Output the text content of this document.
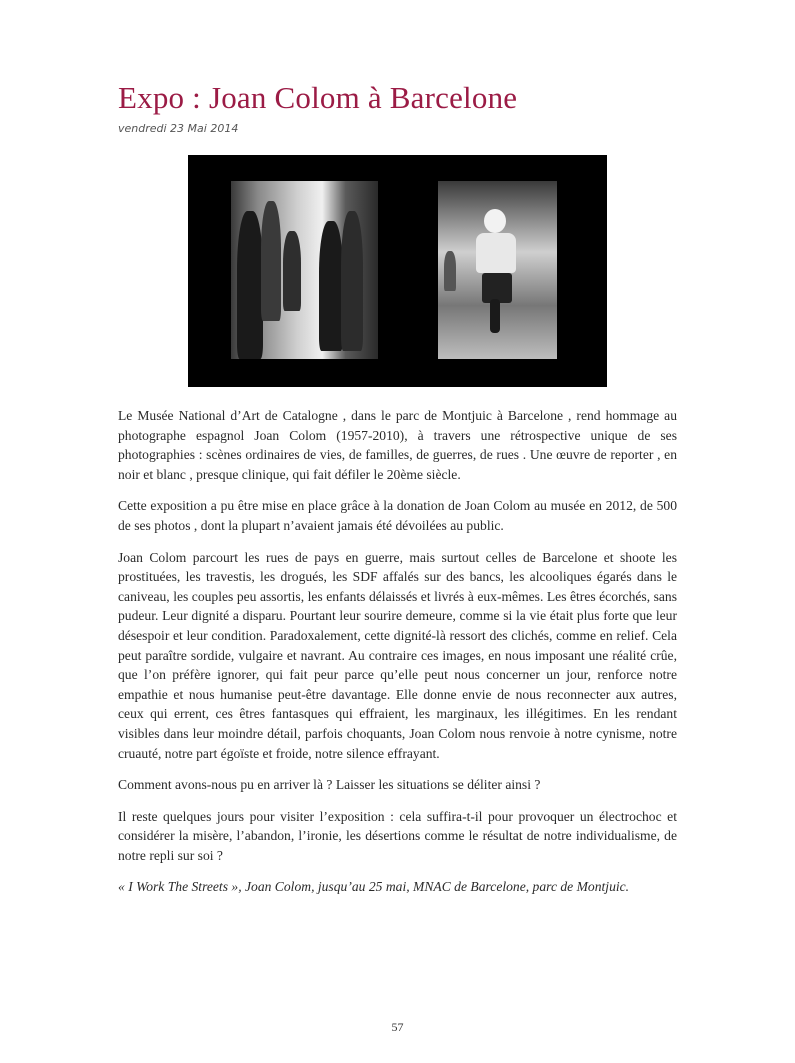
Expo : Joan Colom à Barcelone
vendredi 23 Mai 2014

Le Musée National d’Art de Catalogne , dans le parc de Montjuic à Barcelone , rend hommage au photographe espagnol Joan Colom (1957-2010), à travers une rétrospective unique de ses photographies : scènes ordinaires de vies, de familles, de guerres, de rues . Une œuvre de reporter , en noir et blanc , presque clinique, qui fait défiler le 20ème siècle.

Cette exposition a pu être mise en place grâce à la donation de Joan Colom au musée en 2012, de 500 de ses photos , dont la plupart n’avaient jamais été dévoilées au public.

Joan Colom parcourt les rues de pays en guerre, mais surtout celles de Barcelone et shoote les prostituées, les travestis, les drogués, les SDF affalés sur des bancs, les alcooliques égarés dans le caniveau, les couples peu assortis, les enfants délaissés et livrés à eux-mêmes. Les êtres écorchés, sans pudeur. Leur dignité a disparu. Pourtant leur sourire demeure, comme si la vie était plus forte que leur désespoir et leur condition. Paradoxalement, cette dignité-là ressort des clichés, comme en relief. Cela peut paraître sordide, vulgaire et navrant. Au contraire ces images, en nous imposant une réalité crûe, que l’on préfère ignorer, qui fait peur parce qu’elle peut nous concerner un jour, renforce notre empathie et nous humanise peut-être davantage. Elle donne envie de nous reconnecter aux autres, ceux qui errent, ces êtres fantasques qui effraient, les marginaux, les illégitimes. En les rendant visibles dans leur moindre détail, parfois choquants, Joan Colom nous renvoie à notre cynisme, notre cruauté, notre part égoïste et froide, notre silence effrayant.

Comment avons-nous pu en arriver là ? Laisser les situations se déliter ainsi ?

Il reste quelques jours pour visiter l’exposition : cela suffira-t-il pour provoquer un électrochoc et considérer la misère, l’abandon, l’ironie, les désertions comme le résultat de notre individualisme, de notre repli sur soi ?

« I Work The Streets », Joan Colom, jusqu’au 25 mai, MNAC de Barcelone, parc de Montjuic.

57
